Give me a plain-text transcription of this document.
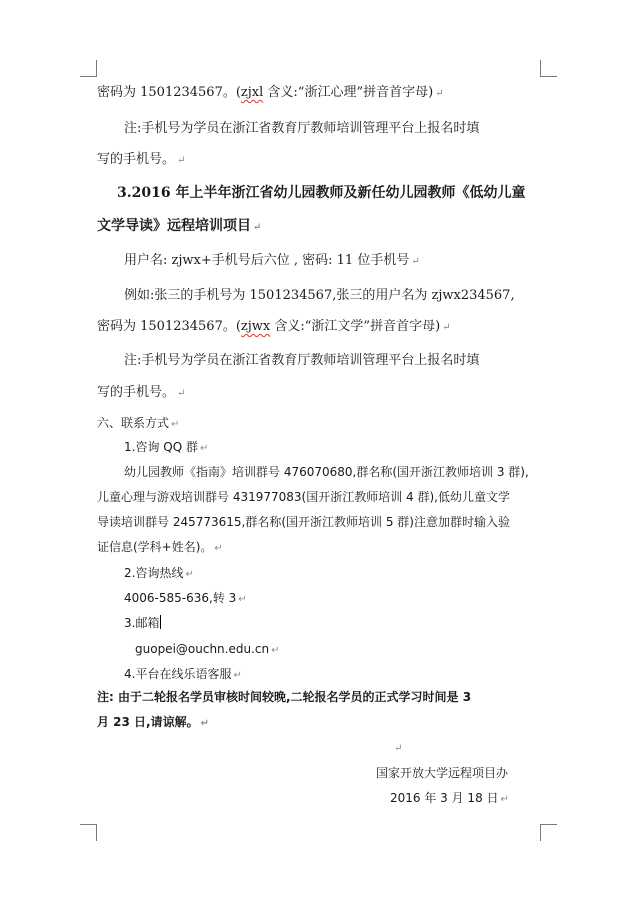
密码为 1501234567。(zjxl 含义:“浙江心理”拼音首字母) ↵
注:手机号为学员在浙江省教育厅教师培训管理平台上报名时填
写的手机号。 ↵
3.2016 年上半年浙江省幼儿园教师及新任幼儿园教师《低幼儿童
文学导读》远程培训项目 ↵
用户名: zjwx+手机号后六位 , 密码: 11 位手机号 ↵
例如:张三的手机号为 1501234567,张三的用户名为 zjwx234567,
密码为 1501234567。(zjwx 含义:“浙江文学”拼音首字母) ↵
注:手机号为学员在浙江省教育厅教师培训管理平台上报名时填
写的手机号。 ↵
六、联系方式 ↵
1.咨询 QQ 群 ↵
幼儿园教师《指南》培训群号 476070680,群名称(国开浙江教师培训 3 群),
儿童心理与游戏培训群号 431977083(国开浙江教师培训 4 群),低幼儿童文学
导读培训群号 245773615,群名称(国开浙江教师培训 5 群)注意加群时输入验
证信息(学科+姓名)。 ↵
2.咨询热线 ↵
4006-585-636,转 3 ↵
3.邮箱
guopei@ouchn.edu.cn ↵
4.平台在线乐语客服 ↵
注: 由于二轮报名学员审核时间较晚,二轮报名学员的正式学习时间是 3
月 23 日,请谅解。 ↵
↵
国家开放大学远程项目办
2016 年 3 月 18 日 ↵
